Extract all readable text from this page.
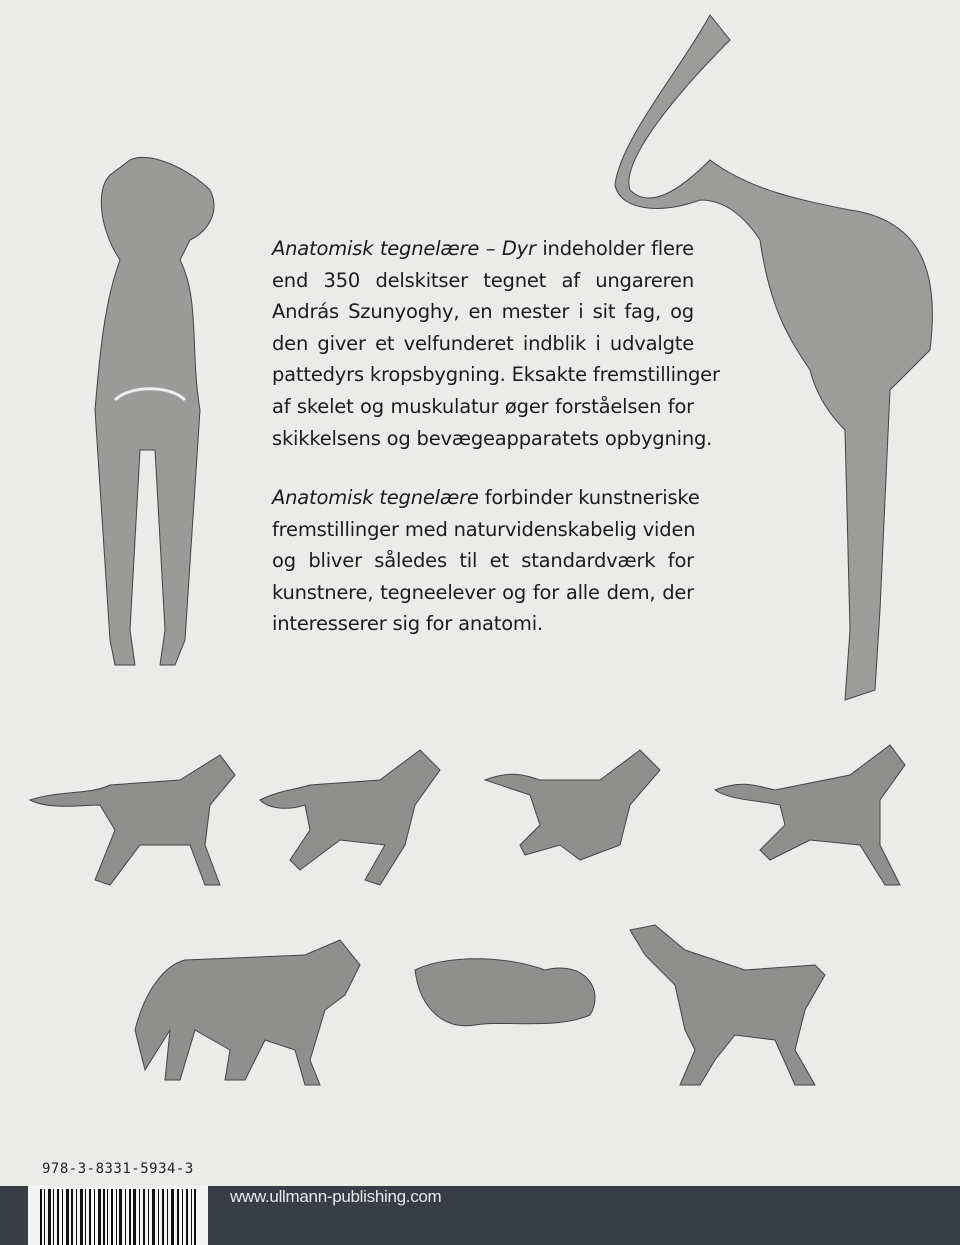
Anatomisk tegnelære – Dyr indeholder flere
end 350 delskitser tegnet af ungareren
András Szunyoghy, en mester i sit fag, og
den giver et velfunderet indblik i udvalgte
pattedyrs kropsbygning. Eksakte fremstillinger
af skelet og muskulatur øger forståelsen for
skikkelsens og bevægeapparatets opbygning.
Anatomisk tegnelære forbinder kunstneriske
fremstillinger med naturvidenskabelig viden
og bliver således til et standardværk for
kunstnere, tegneelever og for alle dem, der
interesserer sig for anatomi.
978-3-8331-5934-3
www.ullmann-publishing.com
